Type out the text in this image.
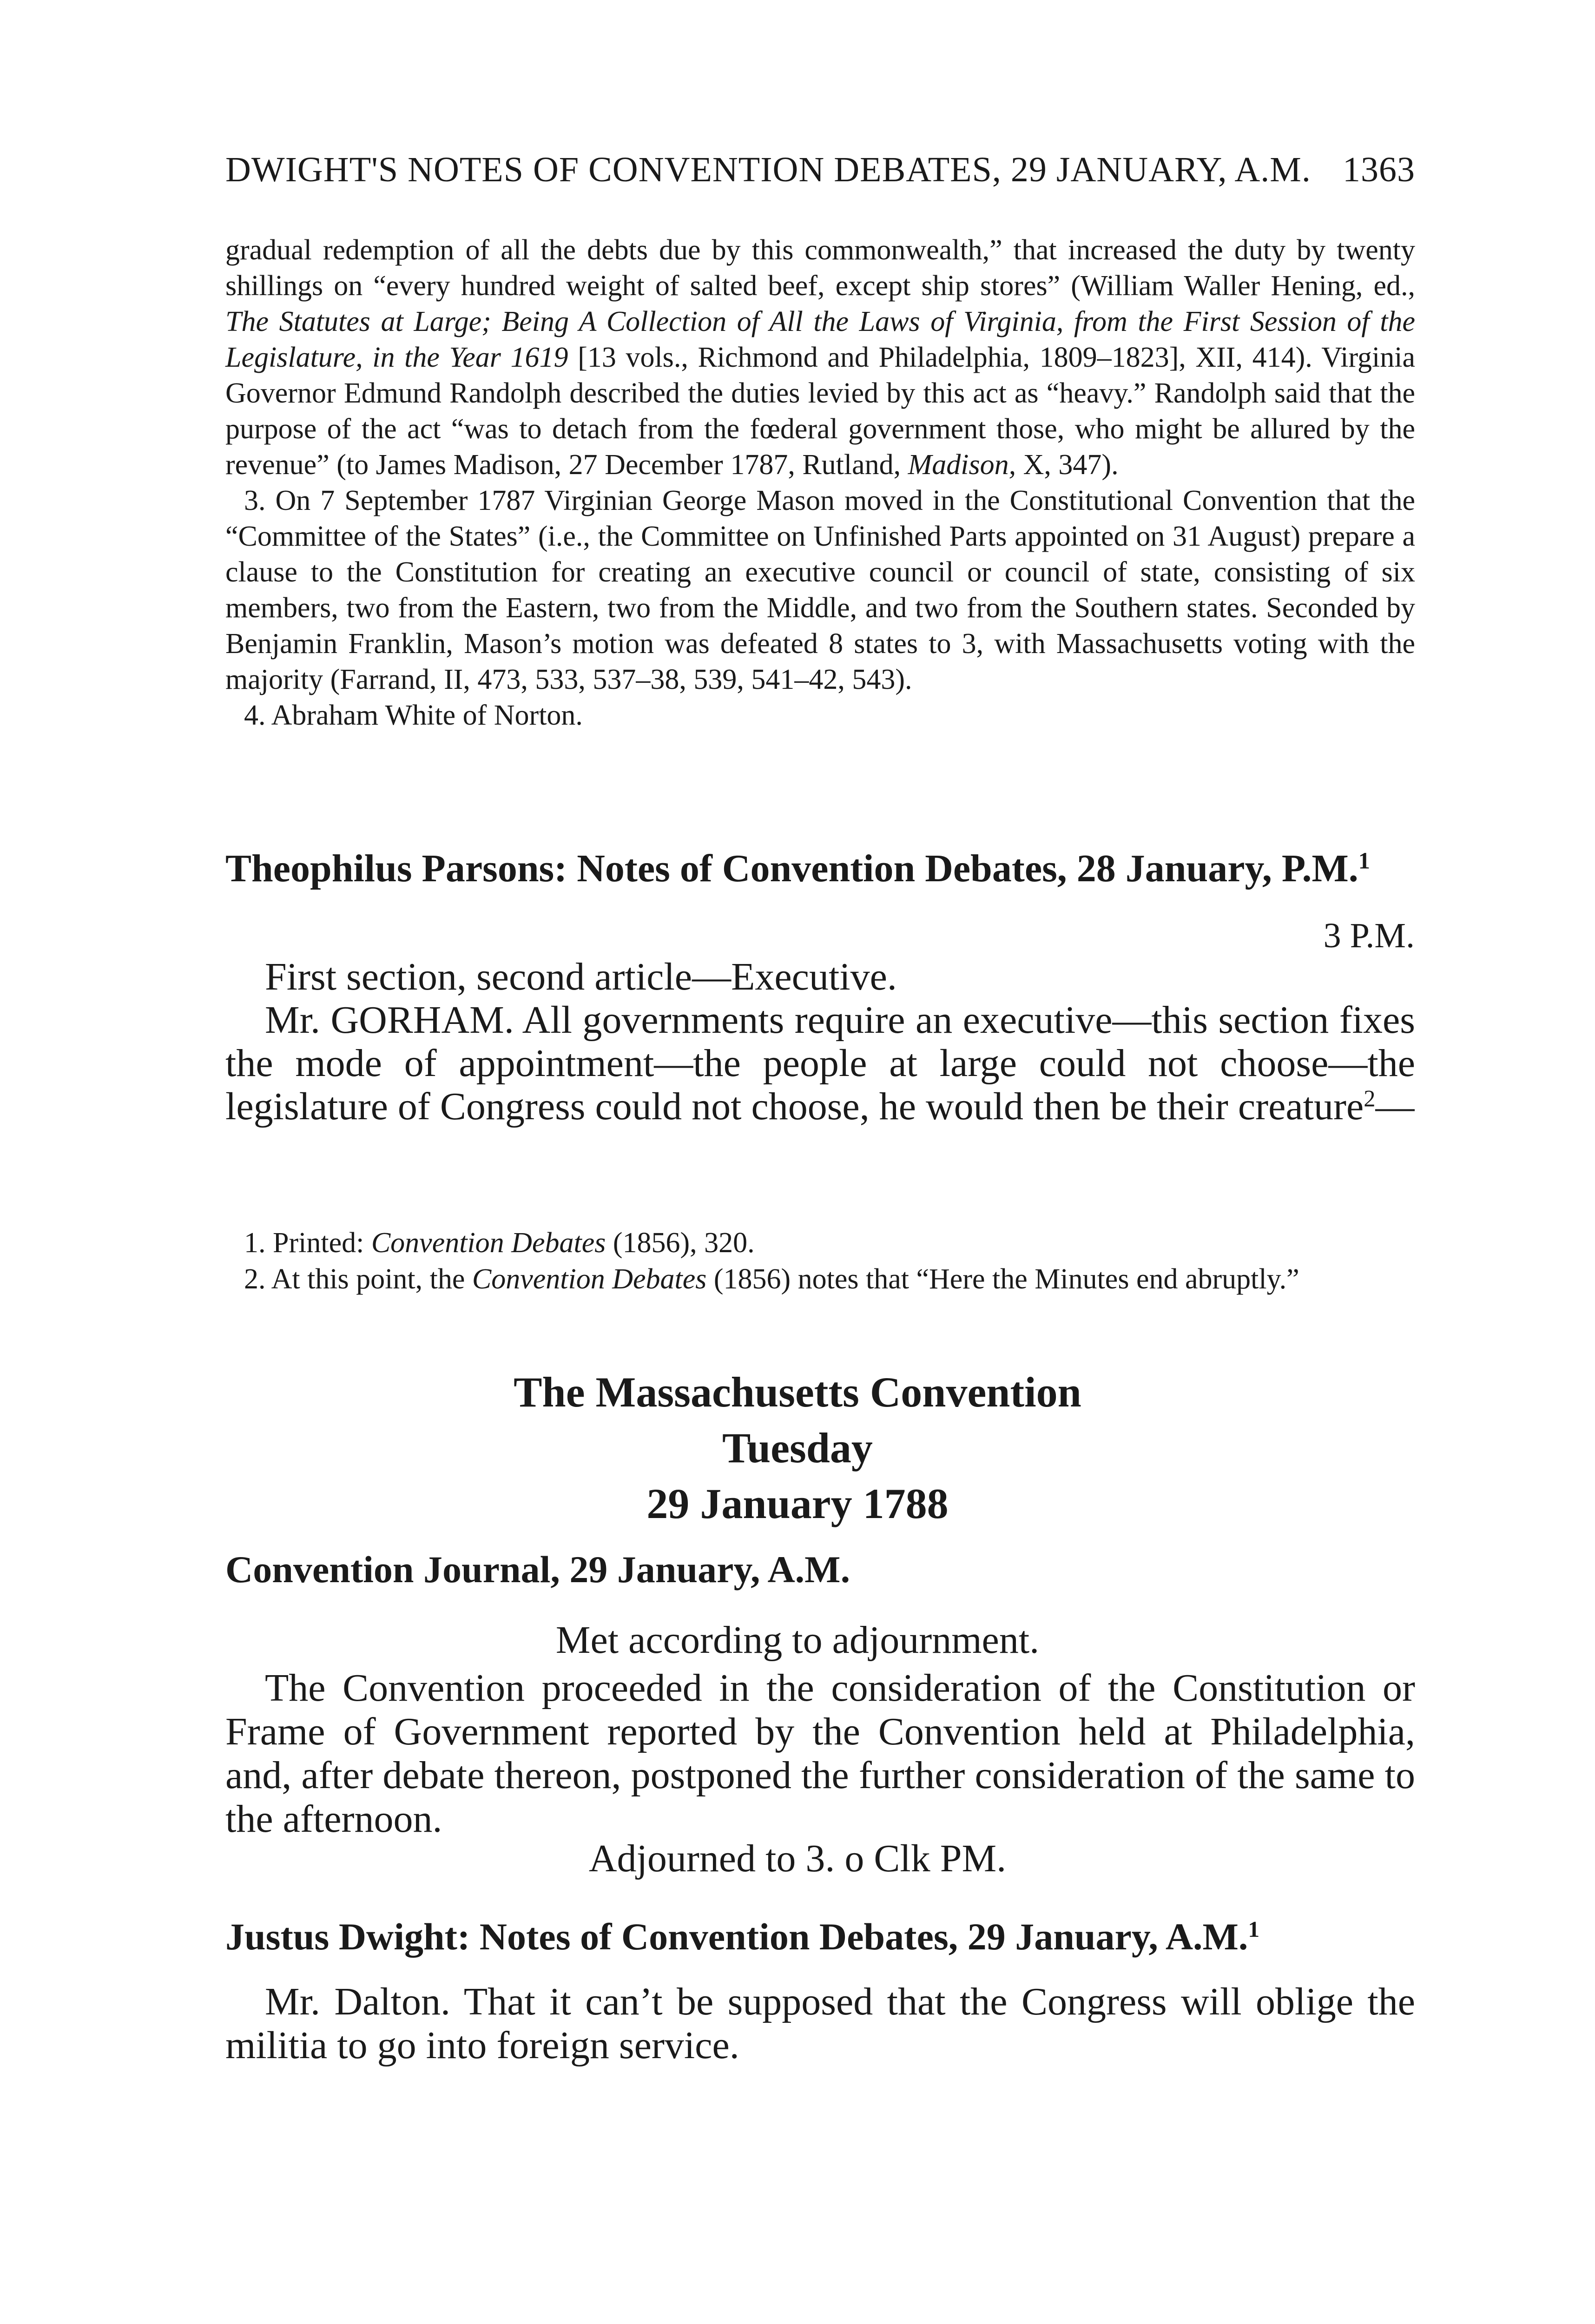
DWIGHT'S NOTES OF CONVENTION DEBATES, 29 JANUARY, A.M. 1363

gradual redemption of all the debts due by this commonwealth,” that increased the duty by twenty shillings on “every hundred weight of salted beef, except ship stores” (William Waller Hening, ed., The Statutes at Large; Being A Collection of All the Laws of Virginia, from the First Session of the Legislature, in the Year 1619 [13 vols., Richmond and Philadelphia, 1809–1823], XII, 414). Virginia Governor Edmund Randolph described the duties levied by this act as “heavy.” Randolph said that the purpose of the act “was to detach from the fœderal government those, who might be allured by the revenue” (to James Madison, 27 December 1787, Rutland, Madison, X, 347).

3. On 7 September 1787 Virginian George Mason moved in the Constitutional Convention that the “Committee of the States” (i.e., the Committee on Unfinished Parts appointed on 31 August) prepare a clause to the Constitution for creating an executive council or council of state, consisting of six members, two from the Eastern, two from the Middle, and two from the Southern states. Seconded by Benjamin Franklin, Mason’s motion was defeated 8 states to 3, with Massachusetts voting with the majority (Farrand, II, 473, 533, 537–38, 539, 541–42, 543).

4. Abraham White of Norton.

Theophilus Parsons: Notes of Convention Debates, 28 January, P.M.$^1$
3 P.M.

First section, second article—Executive.

Mr. GORHAM. All governments require an executive—this section fixes the mode of appointment—the people at large could not choose—the legislature of Congress could not choose, he would then be their creature$^2$—

1. Printed: Convention Debates (1856), 320.

2. At this point, the Convention Debates (1856) notes that “Here the Minutes end abruptly.”

The Massachusetts Convention
Tuesday
29 January 1788
Convention Journal, 29 January, A.M.
Met according to adjournment.

The Convention proceeded in the consideration of the Constitution or Frame of Government reported by the Convention held at Philadelphia, and, after debate thereon, postponed the further consideration of the same to the afternoon.

Adjourned to 3. o Clk PM.
Justus Dwight: Notes of Convention Debates, 29 January, A.M.$^1$

Mr. Dalton. That it can’t be supposed that the Congress will oblige the militia to go into foreign service.
